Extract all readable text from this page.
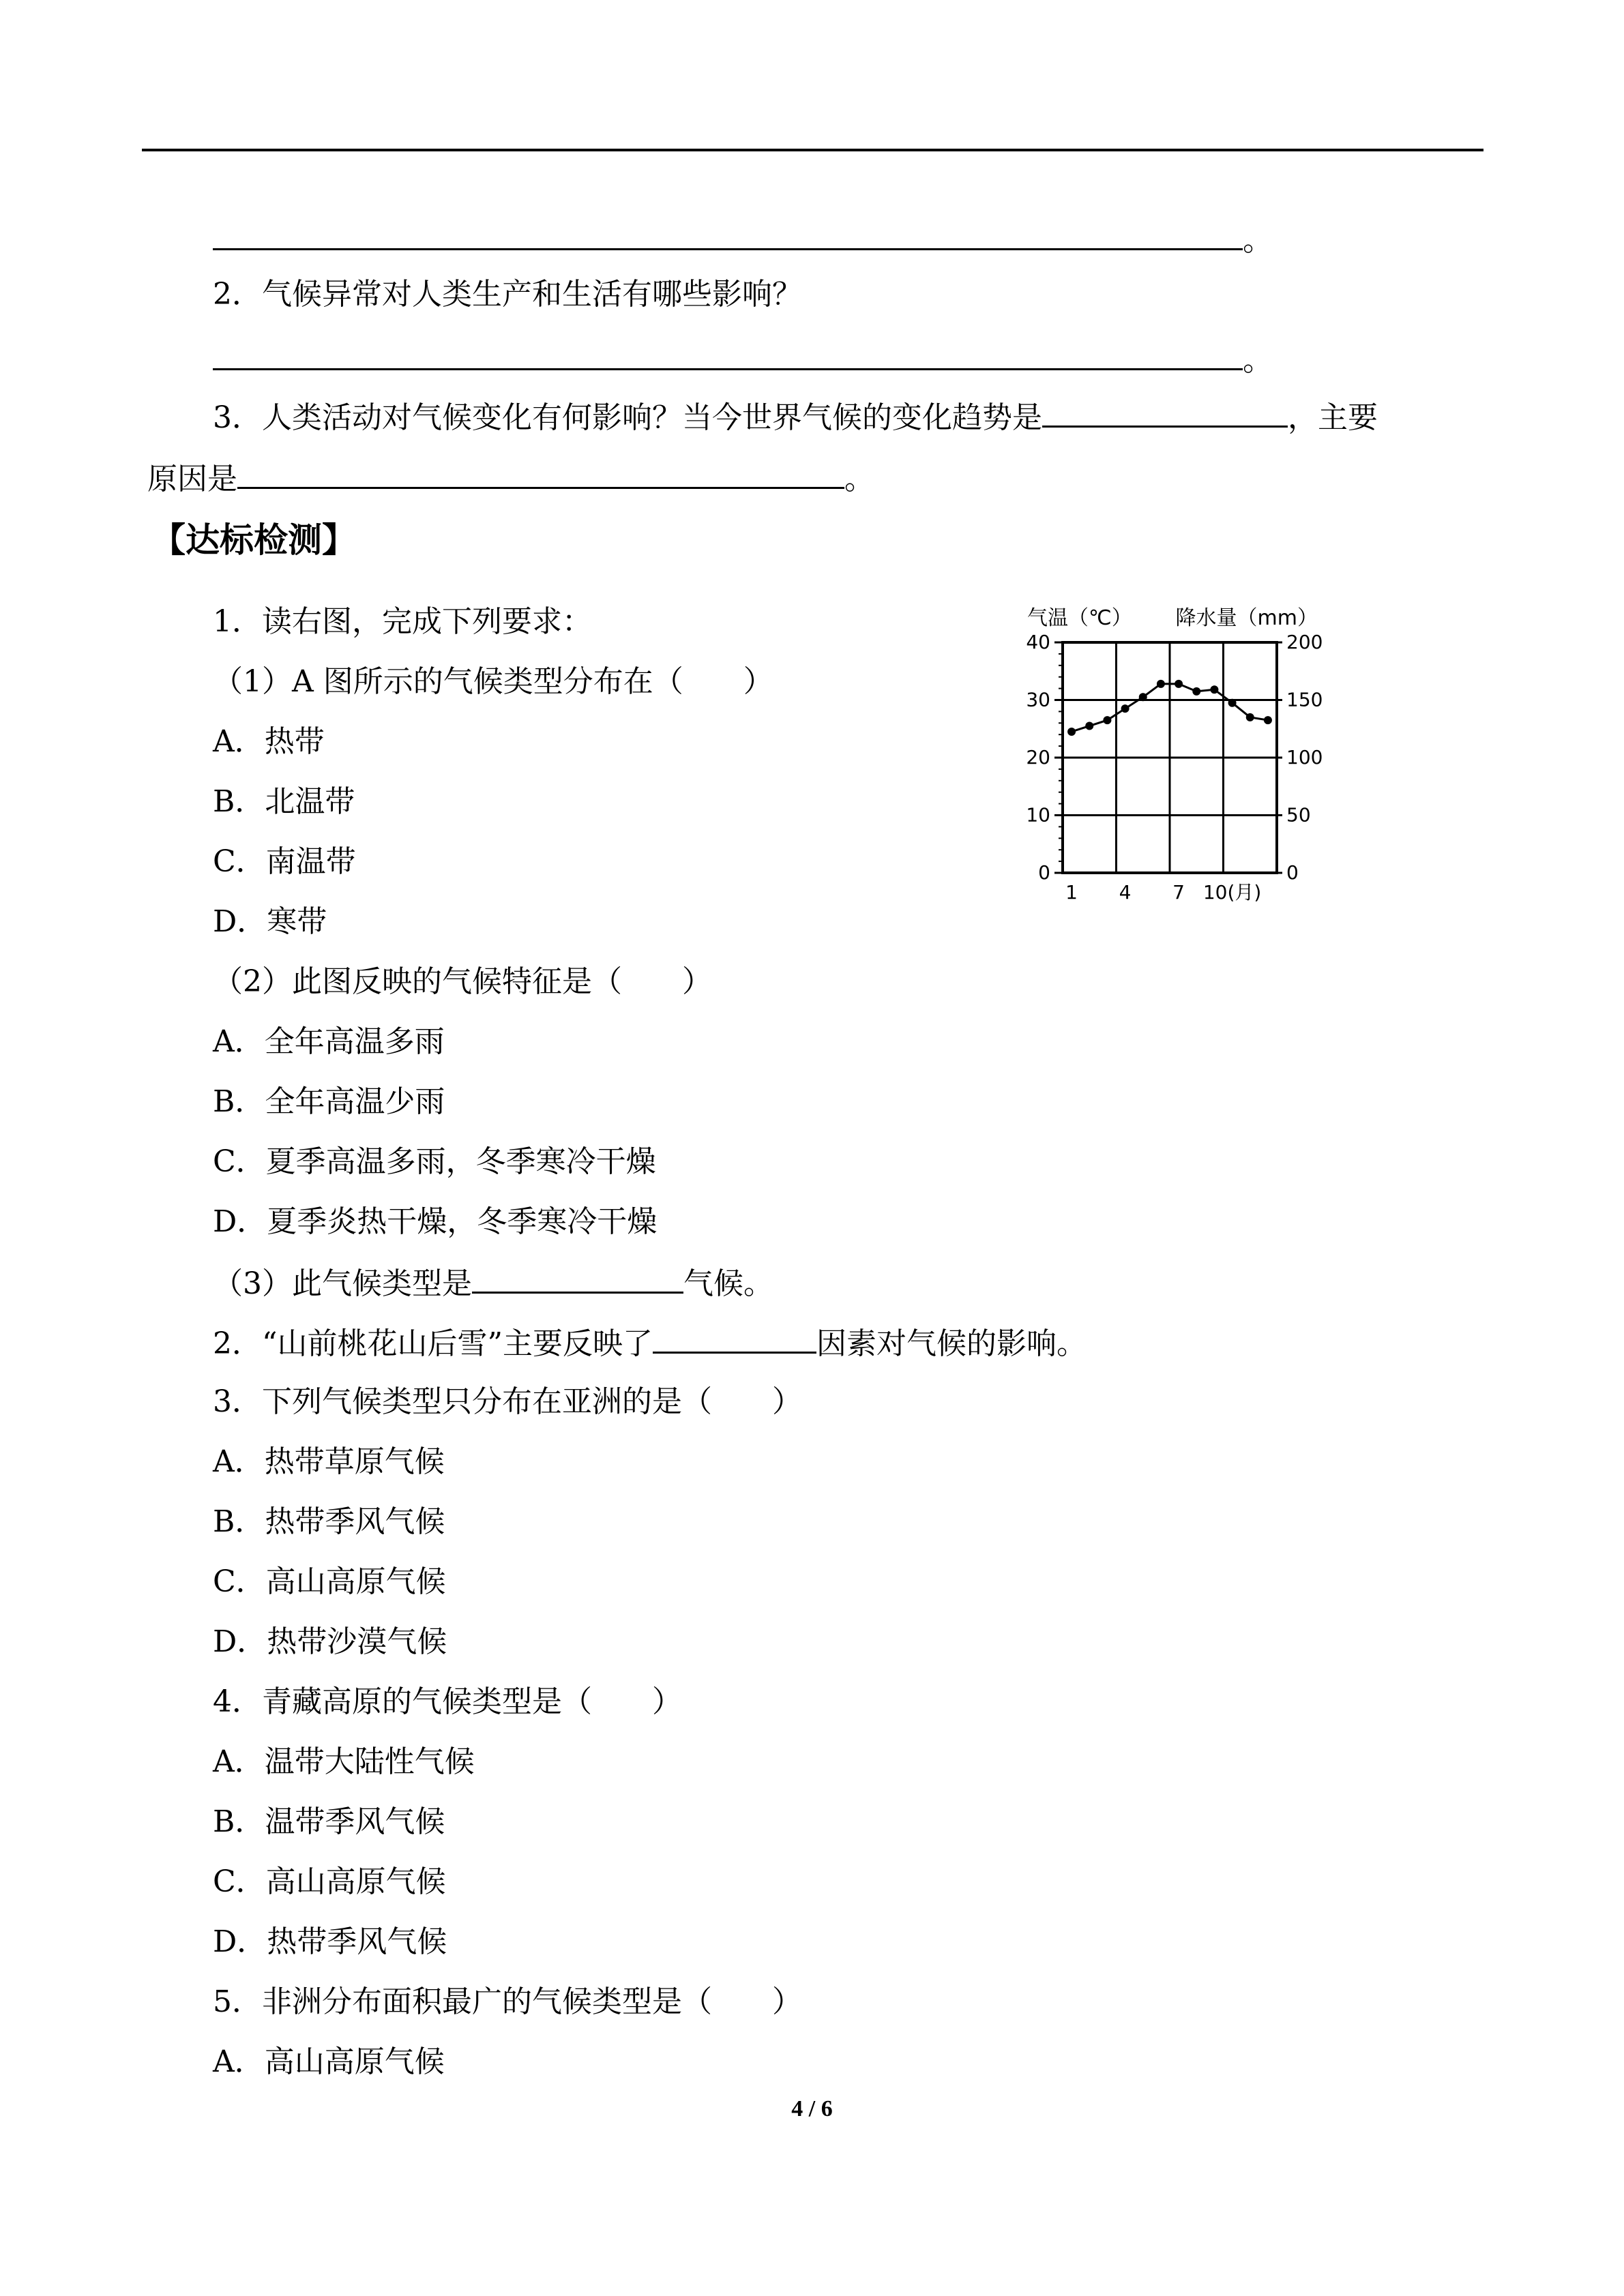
。
2．气候异常对人类生产和生活有哪些影响？
。
3．人类活动对气候变化有何影响？当今世界气候的变化趋势是	，主要
原因是	。
【达标检测】
1．读右图，完成下列要求：
（1）A 图所示的气候类型分布在（　　）
A．热带
B．北温带
C．南温带
D．寒带
（2）此图反映的气候特征是（　　）
A．全年高温多雨
B．全年高温少雨
C．夏季高温多雨，冬季寒冷干燥
D．夏季炎热干燥，冬季寒冷干燥
（3）此气候类型是	气候。
2．“山前桃花山后雪”主要反映了	因素对气候的影响。
3．下列气候类型只分布在亚洲的是（　　）
A．热带草原气候
B．热带季风气候
C．高山高原气候
D．热带沙漠气候
4．青藏高原的气候类型是（　　）
A．温带大陆性气候
B．温带季风气候
C．高山高原气候
D．热带季风气候
5．非洲分布面积最广的气候类型是（　　）
A．高山高原气候
4 / 6
0
10
20
30
40
0
50
100
150
200
1 4 7 10(月)
气温（℃） 降水量（mm）
